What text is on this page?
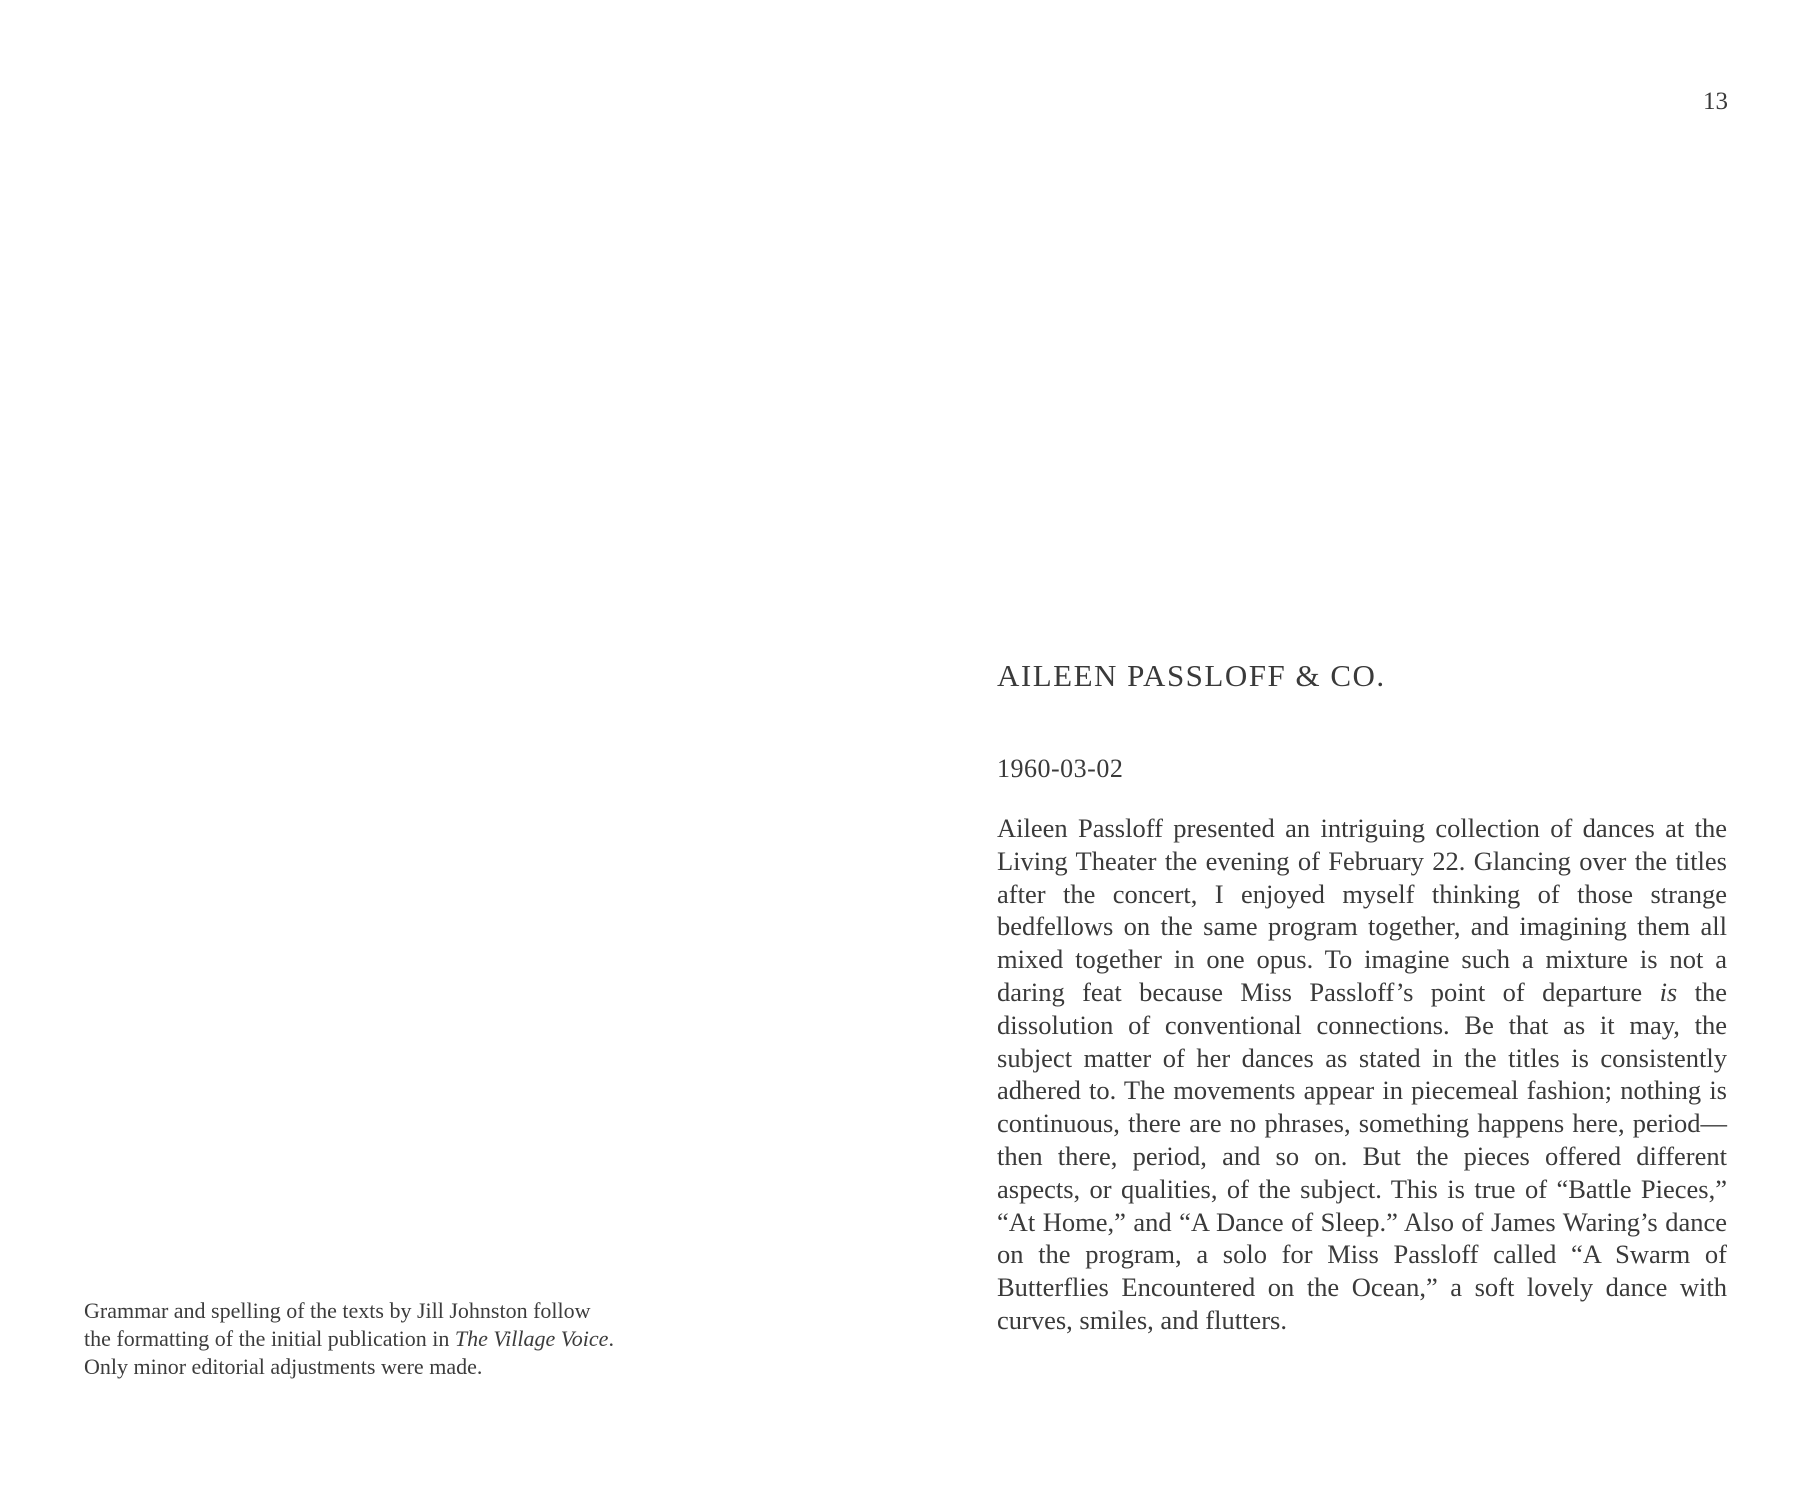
13

Grammar and spelling of the texts by Jill Johnston follow

the formatting of the initial publication in The Village Voice.

Only minor editorial adjustments were made.

AILEEN PASSLOFF & CO.
1960-03-02

Aileen Passloff presented an intriguing collection of dances at the Living Theater the evening of February 22. Glancing over the titles after the concert, I enjoyed myself thinking of those strange bedfellows on the same program together, and imagining them all mixed together in one opus. To imagine such a mixture is not a daring feat because Miss Passloff’s point of departure is the dissolution of conventional connections. Be that as it may, the subject matter of her dances as stated in the titles is consistently adhered to. The movements appear in piecemeal fashion; nothing is continuous, there are no phrases, something happens here, period—then there, period, and so on. But the pieces offered different aspects, or qualities, of the subject. This is true of “Battle Pieces,” “At Home,” and “A Dance of Sleep.” Also of James Waring’s dance on the program, a solo for Miss Passloff called “A Swarm of Butterflies Encountered on the Ocean,” a soft lovely dance with curves, smiles, and flutters.
